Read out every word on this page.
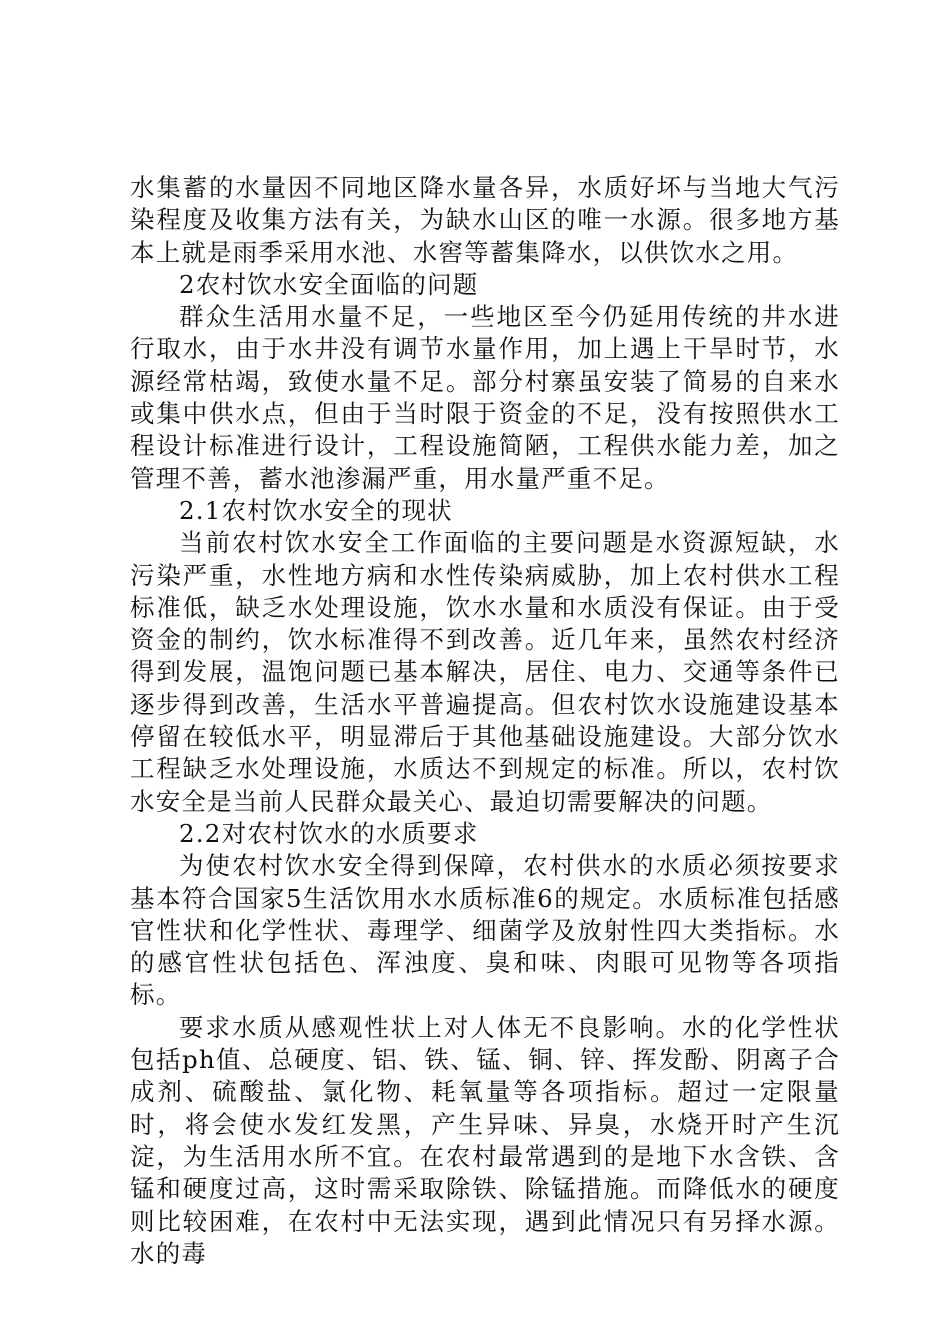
水集蓄的水量因不同地区降水量各异，水质好坏与当地大气污染程度及收集方法有关，为缺水山区的唯一水源。很多地方基本上就是雨季采用水池、水窖等蓄集降水，以供饮水之用。

2农村饮水安全面临的问题

群众生活用水量不足，一些地区至今仍延用传统的井水进行取水，由于水井没有调节水量作用，加上遇上干旱时节，水源经常枯竭，致使水量不足。部分村寨虽安装了简易的自来水或集中供水点，但由于当时限于资金的不足，没有按照供水工程设计标准进行设计，工程设施简陋，工程供水能力差，加之管理不善，蓄水池渗漏严重，用水量严重不足。

2.1农村饮水安全的现状

当前农村饮水安全工作面临的主要问题是水资源短缺，水污染严重，水性地方病和水性传染病威胁，加上农村供水工程标准低，缺乏水处理设施，饮水水量和水质没有保证。由于受资金的制约，饮水标准得不到改善。近几年来，虽然农村经济得到发展，温饱问题已基本解决，居住、电力、交通等条件已逐步得到改善，生活水平普遍提高。但农村饮水设施建设基本停留在较低水平，明显滞后于其他基础设施建设。大部分饮水工程缺乏水处理设施，水质达不到规定的标准。所以，农村饮水安全是当前人民群众最关心、最迫切需要解决的问题。

2.2对农村饮水的水质要求

为使农村饮水安全得到保障，农村供水的水质必须按要求基本符合国家5生活饮用水水质标准6的规定。水质标准包括感官性状和化学性状、毒理学、细菌学及放射性四大类指标。水的感官性状包括色、浑浊度、臭和味、肉眼可见物等各项指标。

要求水质从感观性状上对人体无不良影响。水的化学性状包括ph值、总硬度、铝、铁、锰、铜、锌、挥发酚、阴离子合成剂、硫酸盐、氯化物、耗氧量等各项指标。超过一定限量时，将会使水发红发黑，产生异味、异臭，水烧开时产生沉淀，为生活用水所不宜。在农村最常遇到的是地下水含铁、含锰和硬度过高，这时需采取除铁、除锰措施。而降低水的硬度则比较困难，在农村中无法实现，遇到此情况只有另择水源。水的毒
